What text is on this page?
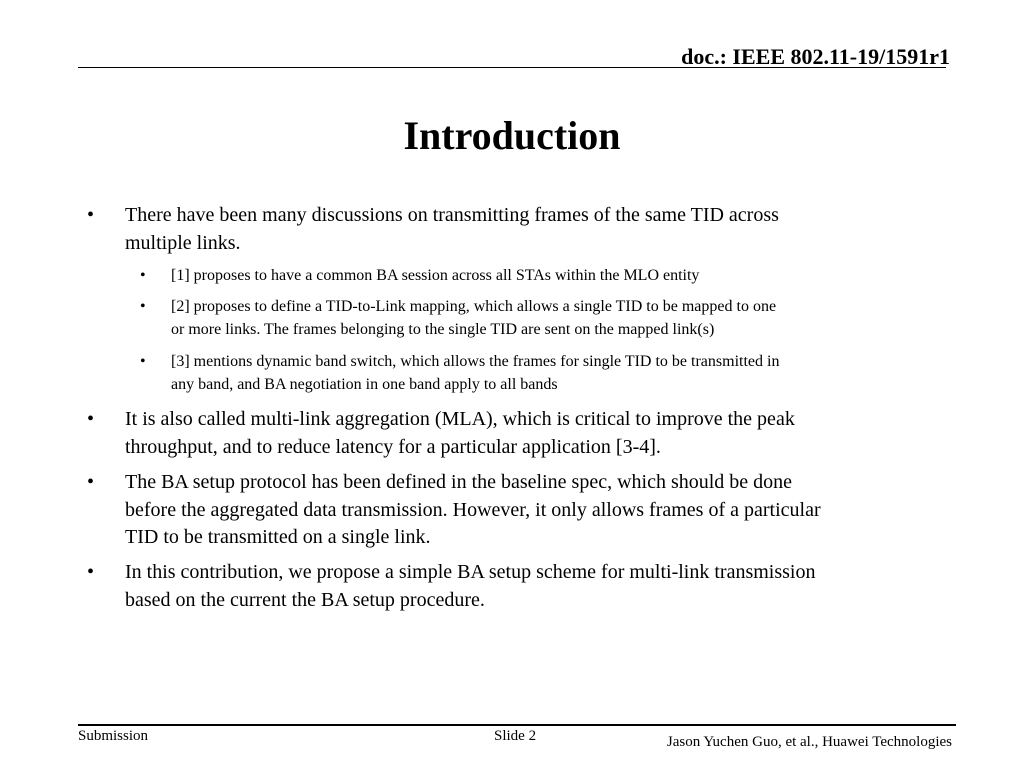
doc.: IEEE 802.11-19/1591r1
Introduction
• There have been many discussions on transmitting frames of the same TID across
multiple links.
• [1] proposes to have a common BA session across all STAs within the MLO entity
• [2] proposes to define a TID-to-Link mapping, which allows a single TID to be mapped to one
or more links. The frames belonging to the single TID are sent on the mapped link(s)
• [3] mentions dynamic band switch, which allows the frames for single TID to be transmitted in
any band, and BA negotiation in one band apply to all bands
• It is also called multi-link aggregation (MLA), which is critical to improve the peak
throughput, and to reduce latency for a particular application [3-4].
• The BA setup protocol has been defined in the baseline spec, which should be done
before the aggregated data transmission. However, it only allows frames of a particular
TID to be transmitted on a single link.
• In this contribution, we propose a simple BA setup scheme for multi-link transmission
based on the current the BA setup procedure.
Submission	Slide 2	Jason Yuchen Guo, et al., Huawei Technologies
